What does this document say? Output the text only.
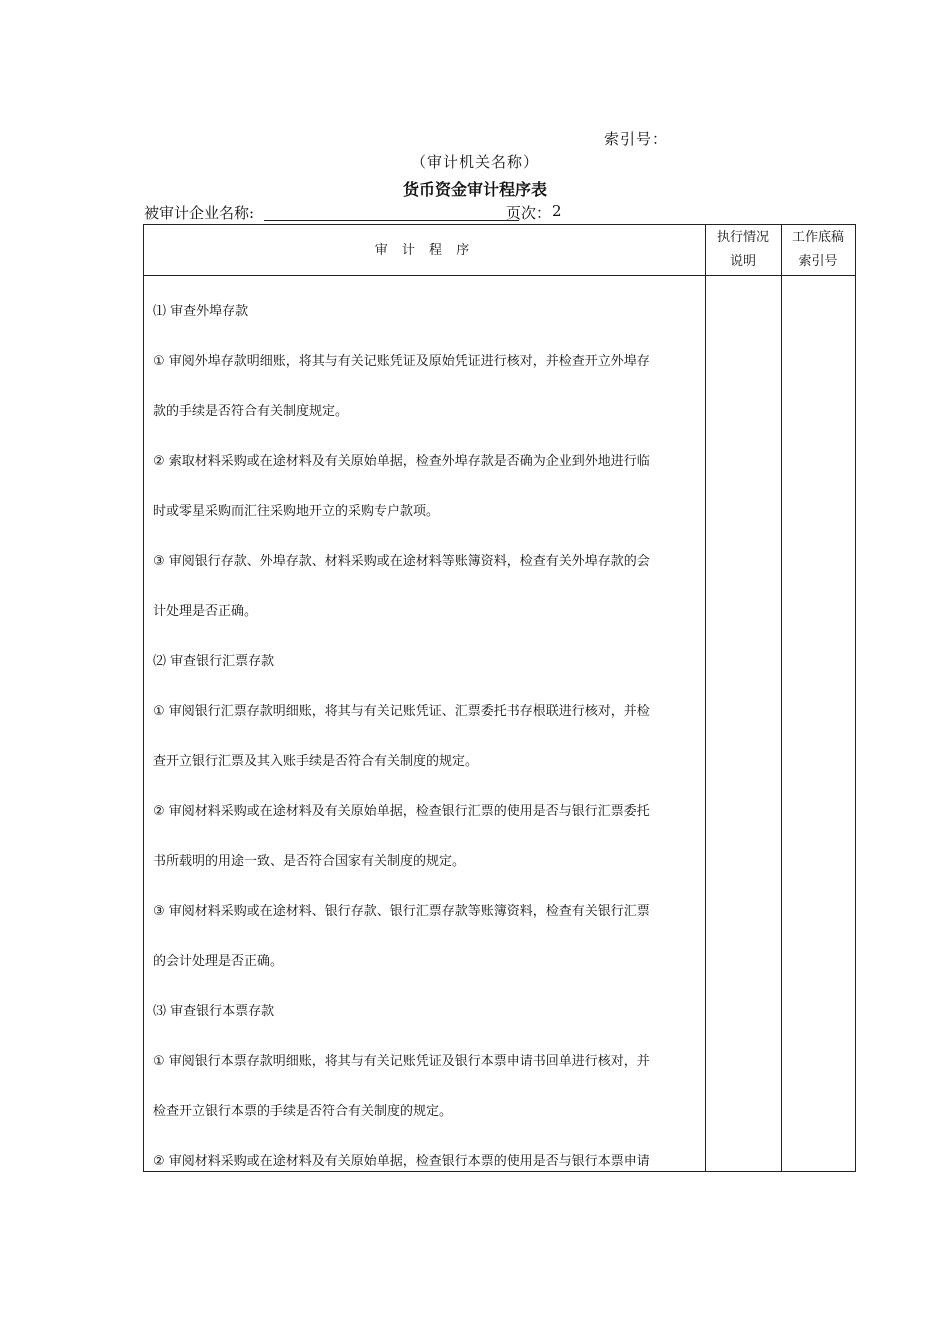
索引号：
（审计机关名称）
货币资金审计程序表
被审计企业名称:	页次： 2
审 计 程 序
执行情况
说明
工作底稿
索引号
⑴ 审查外埠存款
① 审阅外埠存款明细账，将其与有关记账凭证及原始凭证进行核对，并检查开立外埠存
款的手续是否符合有关制度规定。
② 索取材料采购或在途材料及有关原始单据，检查外埠存款是否确为企业到外地进行临
时或零星采购而汇往采购地开立的采购专户款项。
③ 审阅银行存款、外埠存款、材料采购或在途材料等账簿资料，检查有关外埠存款的会
计处理是否正确。
⑵ 审查银行汇票存款
① 审阅银行汇票存款明细账，将其与有关记账凭证、汇票委托书存根联进行核对，并检
查开立银行汇票及其入账手续是否符合有关制度的规定。
② 审阅材料采购或在途材料及有关原始单据，检查银行汇票的使用是否与银行汇票委托
书所载明的用途一致、是否符合国家有关制度的规定。
③ 审阅材料采购或在途材料、银行存款、银行汇票存款等账簿资料，检查有关银行汇票
的会计处理是否正确。
⑶ 审查银行本票存款
① 审阅银行本票存款明细账，将其与有关记账凭证及银行本票申请书回单进行核对，并
检查开立银行本票的手续是否符合有关制度的规定。
② 审阅材料采购或在途材料及有关原始单据，检查银行本票的使用是否与银行本票申请
